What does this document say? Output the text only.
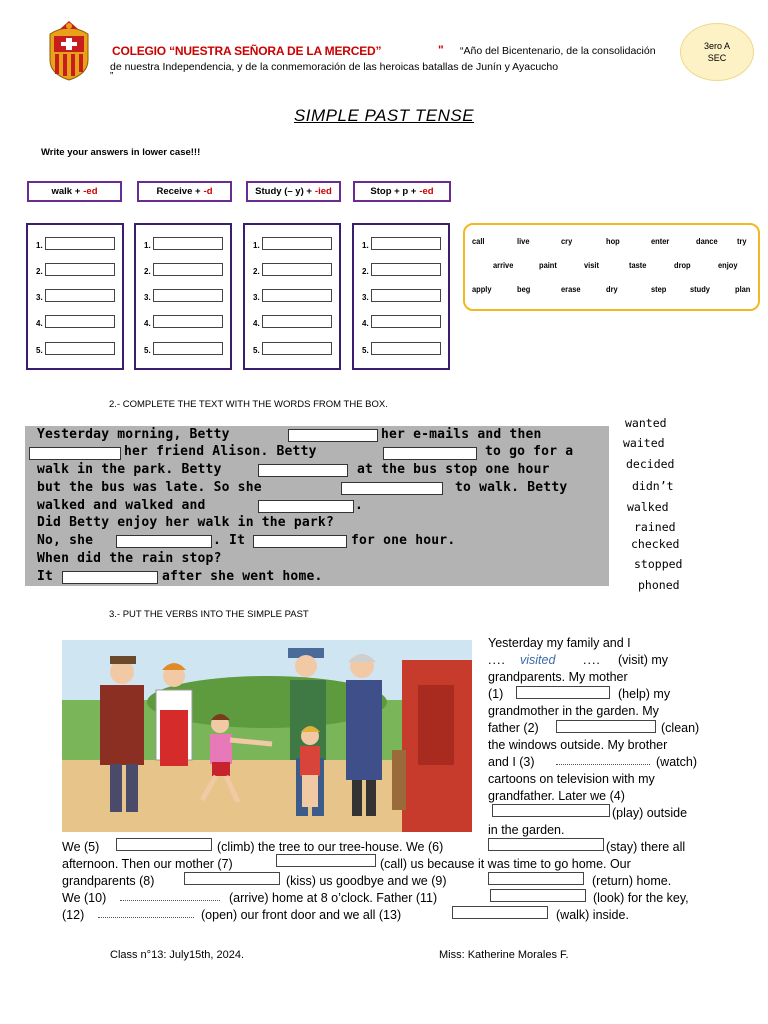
COLEGIO “NUESTRA SEÑORA DE LA MERCED”	" “Año del Bicentenario, de la consolidación
de nuestra Independencia, y de la conmemoración de las heroicas batallas de Junín y Ayacucho
”
3ero A
SEC
SIMPLE PAST TENSE
Write your answers in lower case!!!
walk + -ed	Receive + -d	Study (– y) + -ied	Stop + p + -ed
1.
2.
3.
4.
5.
1.
2.
3.
4.
5.
1.
2.
3.
4.
5.
1.
2.
3.
4.
5.
call	live	cry	hop	enter	dance try
arrive	paint	visit	taste	drop	enjoy
apply	beg	erase	dry	step	study	plan
2.- COMPLETE THE TEXT WITH THE WORDS FROM THE BOX.
Yesterday morning, Betty	her e-mails and then
her friend Alison. Betty	to go for a
walk in the park. Betty	at the bus stop one hour
but the bus was late. So she	to walk. Betty
walked and walked and	.
Did Betty enjoy her walk in the park?
No, she	. It	for one hour.
When did the rain stop?
It	after she went home.
wanted
waited
decided
didn’t
walked
rained
checked
stopped
phoned
3.- PUT THE VERBS INTO THE SIMPLE PAST
Yesterday my family and I
.... visited .... (visit) my
grandparents. My mother
(1)	(help) my
grandmother in the garden. My
father (2)	(clean)
the windows outside. My brother
and I (3)	(watch)
cartoons on television with my
grandfather. Later we (4)
(play) outside
in the garden.
We (5)	(climb) the tree to our tree-house. We (6)	(stay) there all
afternoon. Then our mother (7)	(call) us because it was time to go home. Our
grandparents (8)	(kiss) us goodbye and we (9)	(return) home.
We (10)	(arrive) home at 8 o’clock. Father (11)	(look) for the key,
(12)	(open) our front door and we all (13)	(walk) inside.
Class n°13: July15th, 2024.	Miss: Katherine Morales F.
